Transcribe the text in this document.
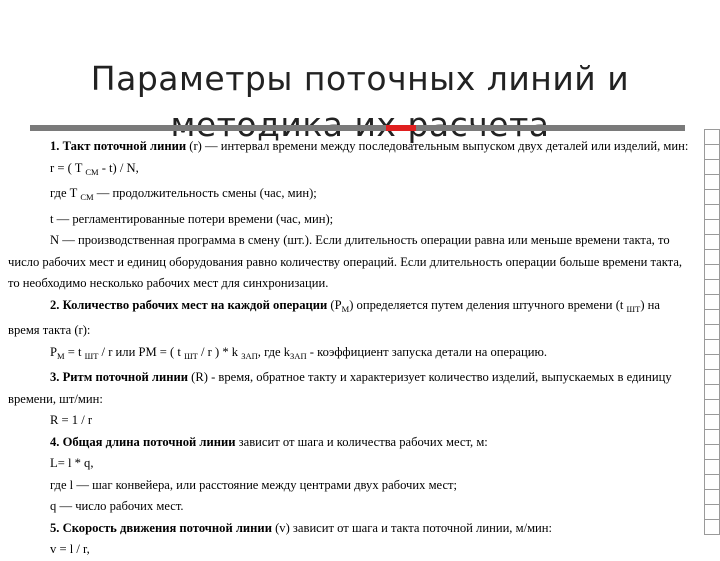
Параметры поточных линий и

1. Такт поточной линии (r) — интервал времени между последовательным выпуском двух деталей или изделий, мин:

r = ( T $_{СМ}$ - t) / N,

где T $_{СМ}$ — продолжительность смены (час, мин);

t — регламентированные потери времени (час, мин);

N — производственная программа в смену (шт.). Если длительность операции равна или меньше времени такта, то число рабочих мест и единиц оборудования равно количеству операций. Если длительность операции больше времени такта, то необходимо несколько рабочих мест для синхронизации.

2. Количество рабочих мест на каждой операции $(P_М)$ определяется путем деления штучного времени (t $_{ШТ}$) на время такта (r):

$P_М = t$ $_{ШТ}$ / r или PM = ( t $_{ШТ}$ / r ) * k $_{ЗАП}$, где $k_{ЗАП}$ - коэффициент запуска детали на операцию.

3. Ритм поточной линии (R) - время, обратное такту и характеризует количество изделий, выпускаемых в единицу времени, шт/мин:

R = 1 / r

4. Общая длина поточной линии зависит от шага и количества рабочих мест, м:

L= l * q,

где l — шаг конвейера, или расстояние между центрами двух рабочих мест;

q — число рабочих мест.

5. Скорость движения поточной линии (v) зависит от шага и такта поточной линии, м/мин:

v = l / r,
